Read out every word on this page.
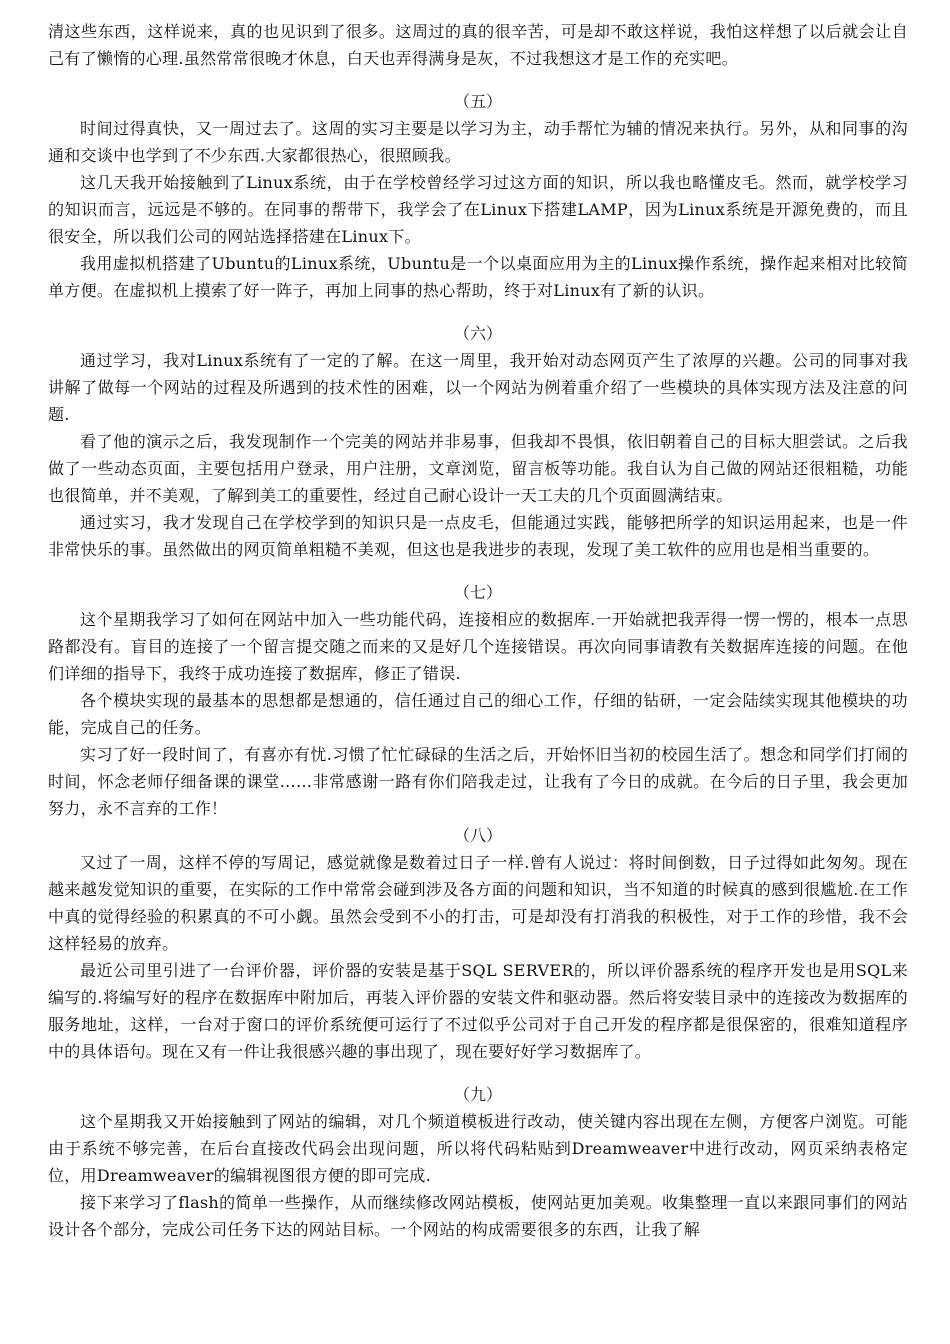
清这些东西，这样说来，真的也见识到了很多。这周过的真的很辛苦，可是却不敢这样说，我怕这样想了以后就会让自己有了懒惰的心理.虽然常常很晚才休息，白天也弄得满身是灰，不过我想这才是工作的充实吧。

（五）

时间过得真快，又一周过去了。这周的实习主要是以学习为主，动手帮忙为辅的情况来执行。另外，从和同事的沟通和交谈中也学到了不少东西.大家都很热心，很照顾我。

这几天我开始接触到了Linux系统，由于在学校曾经学习过这方面的知识，所以我也略懂皮毛。然而，就学校学习的知识而言，远远是不够的。在同事的帮带下，我学会了在Linux下搭建LAMP，因为Linux系统是开源免费的，而且很安全，所以我们公司的网站选择搭建在Linux下。

我用虚拟机搭建了Ubuntu的Linux系统，Ubuntu是一个以桌面应用为主的Linux操作系统，操作起来相对比较简单方便。在虚拟机上摸索了好一阵子，再加上同事的热心帮助，终于对Linux有了新的认识。

（六）

通过学习，我对Linux系统有了一定的了解。在这一周里，我开始对动态网页产生了浓厚的兴趣。公司的同事对我讲解了做每一个网站的过程及所遇到的技术性的困难，以一个网站为例着重介绍了一些模块的具体实现方法及注意的问题.

看了他的演示之后，我发现制作一个完美的网站并非易事，但我却不畏惧，依旧朝着自己的目标大胆尝试。之后我做了一些动态页面，主要包括用户登录，用户注册，文章浏览，留言板等功能。我自认为自己做的网站还很粗糙，功能也很简单，并不美观，了解到美工的重要性，经过自己耐心设计一天工夫的几个页面圆满结束。

通过实习，我才发现自己在学校学到的知识只是一点皮毛，但能通过实践，能够把所学的知识运用起来，也是一件非常快乐的事。虽然做出的网页简单粗糙不美观，但这也是我进步的表现，发现了美工软件的应用也是相当重要的。

（七）

这个星期我学习了如何在网站中加入一些功能代码，连接相应的数据库.一开始就把我弄得一愣一愣的，根本一点思路都没有。盲目的连接了一个留言提交随之而来的又是好几个连接错误。再次向同事请教有关数据库连接的问题。在他们详细的指导下，我终于成功连接了数据库，修正了错误.

各个模块实现的最基本的思想都是想通的，信任通过自己的细心工作，仔细的钻研，一定会陆续实现其他模块的功能，完成自己的任务。

实习了好一段时间了，有喜亦有忧.习惯了忙忙碌碌的生活之后，开始怀旧当初的校园生活了。想念和同学们打闹的时间，怀念老师仔细备课的课堂……非常感谢一路有你们陪我走过，让我有了今日的成就。在今后的日子里，我会更加努力，永不言弃的工作！

（八）

又过了一周，这样不停的写周记，感觉就像是数着过日子一样.曾有人说过：将时间倒数，日子过得如此匆匆。现在越来越发觉知识的重要，在实际的工作中常常会碰到涉及各方面的问题和知识，当不知道的时候真的感到很尴尬.在工作中真的觉得经验的积累真的不可小觑。虽然会受到不小的打击，可是却没有打消我的积极性，对于工作的珍惜，我不会这样轻易的放弃。

最近公司里引进了一台评价器，评价器的安装是基于SQL SERVER的，所以评价器系统的程序开发也是用SQL来编写的.将编写好的程序在数据库中附加后，再装入评价器的安装文件和驱动器。然后将安装目录中的连接改为数据库的服务地址，这样，一台对于窗口的评价系统便可运行了不过似乎公司对于自己开发的程序都是很保密的，很难知道程序中的具体语句。现在又有一件让我很感兴趣的事出现了，现在要好好学习数据库了。

（九）

这个星期我又开始接触到了网站的编辑，对几个频道模板进行改动，使关键内容出现在左侧，方便客户浏览。可能由于系统不够完善，在后台直接改代码会出现问题，所以将代码粘贴到Dreamweaver中进行改动，网页采纳表格定位，用Dreamweaver的编辑视图很方便的即可完成.

接下来学习了flash的简单一些操作，从而继续修改网站模板，使网站更加美观。收集整理一直以来跟同事们的网站设计各个部分，完成公司任务下达的网站目标。一个网站的构成需要很多的东西，让我了解
